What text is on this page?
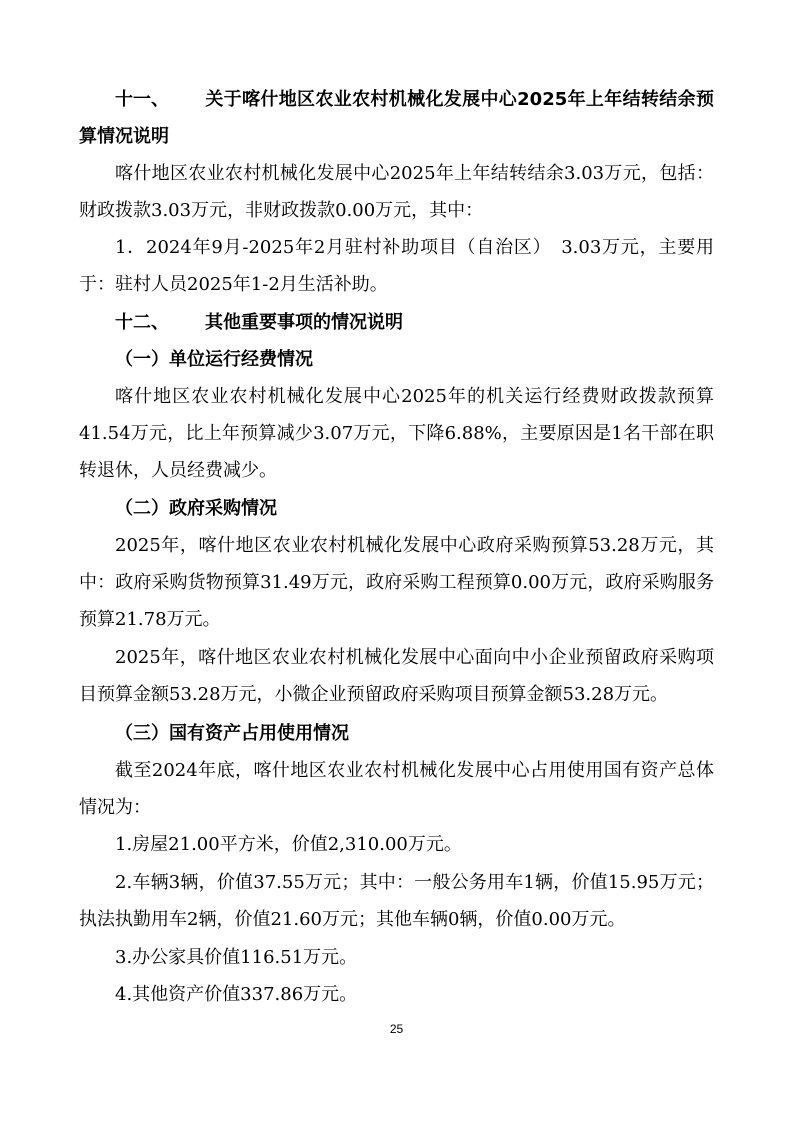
十一、 关于喀什地区农业农村机械化发展中心2025年上年结转结余预算情况说明
喀什地区农业农村机械化发展中心2025年上年结转结余3.03万元，包括：财政拨款3.03万元，非财政拨款0.00万元，其中：
1．2024年9月-2025年2月驻村补助项目（自治区）　3.03万元，主要用于：驻村人员2025年1-2月生活补助。
十二、 其他重要事项的情况说明
（一）单位运行经费情况
喀什地区农业农村机械化发展中心2025年的机关运行经费财政拨款预算41.54万元，比上年预算减少3.07万元，下降6.88%，主要原因是1名干部在职转退休，人员经费减少。
（二）政府采购情况
2025年，喀什地区农业农村机械化发展中心政府采购预算53.28万元，其中：政府采购货物预算31.49万元，政府采购工程预算0.00万元，政府采购服务预算21.78万元。
2025年，喀什地区农业农村机械化发展中心面向中小企业预留政府采购项目预算金额53.28万元，小微企业预留政府采购项目预算金额53.28万元。
（三）国有资产占用使用情况
截至2024年底，喀什地区农业农村机械化发展中心占用使用国有资产总体情况为：
1.房屋21.00平方米，价值2,310.00万元。
2.车辆3辆，价值37.55万元；其中：一般公务用车1辆，价值15.95万元；执法执勤用车2辆，价值21.60万元；其他车辆0辆，价值0.00万元。
3.办公家具价值116.51万元。
4.其他资产价值337.86万元。
25
